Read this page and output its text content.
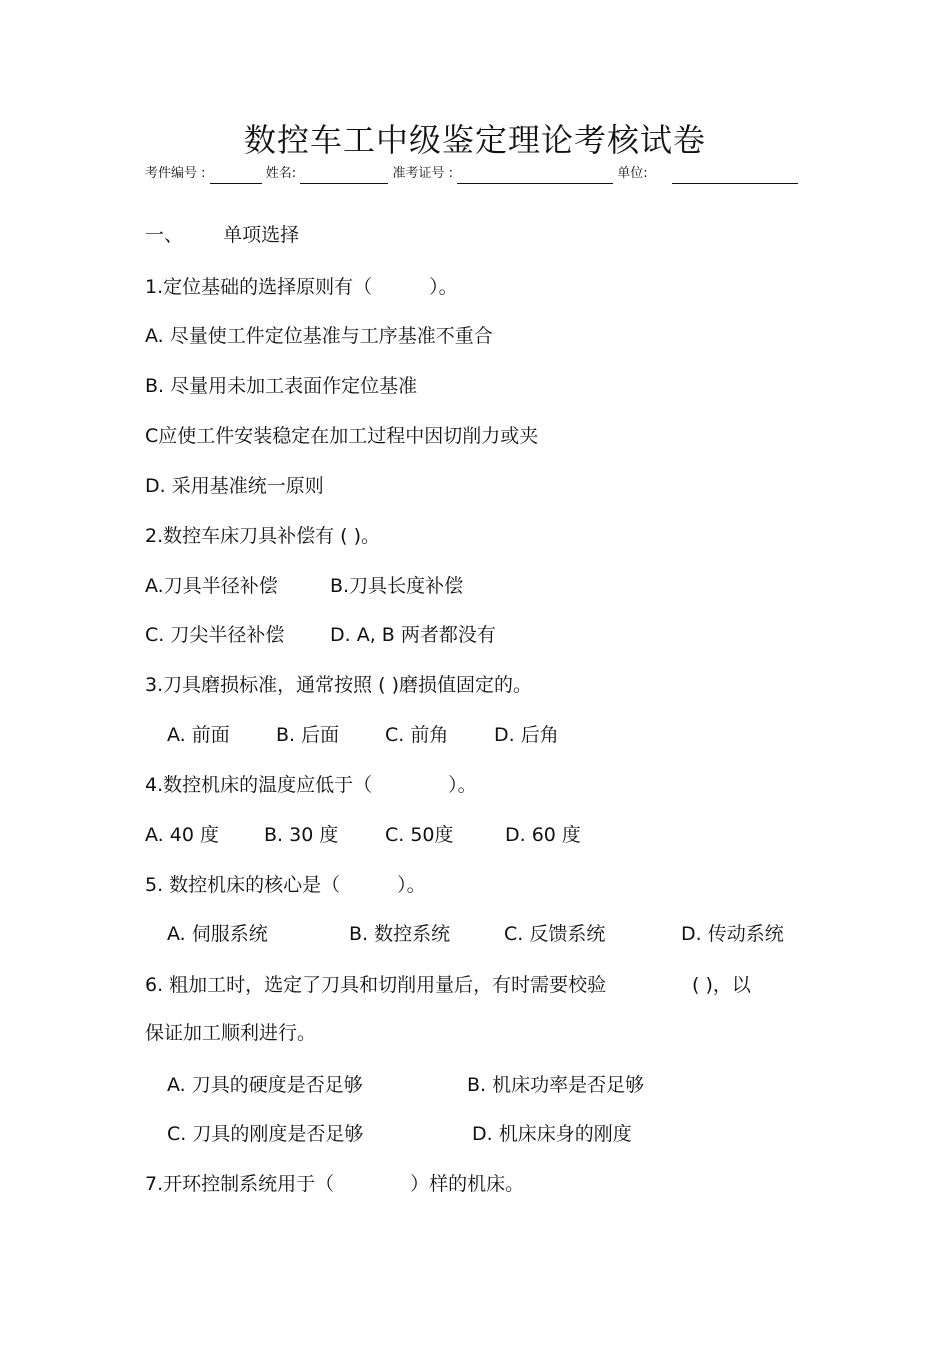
数控车工中级鉴定理论考核试卷
考件编号 :	姓名:	准考证号 :	单位:
一、 单项选择
1.定位基础的选择原则有（　　　）。
A. 尽量使工件定位基准与工序基准不重合
B. 尽量用未加工表面作定位基准
C应使工件安装稳定在加工过程中因切削力或夹
D. 采用基准统一原则
2.数控车床刀具补偿有 ( )。
A.刀具半径补偿	B.刀具长度补偿
C. 刀尖半径补偿 D. A, B 两者都没有
3.刀具磨损标准，通常按照 ( )磨损值固定的。
A. 前面 B. 后面 C. 前角 D. 后角
4.数控机床的温度应低于（　　　　）。
A. 40 度 B. 30 度 C. 50度	D. 60 度
5. 数控机床的核心是（　　　）。
A. 伺服系统	B. 数控系统	C. 反馈系统	D. 传动系统
6. 粗加工时，选定了刀具和切削用量后，有时需要校验	( )，以
保证加工顺利进行。
A. 刀具的硬度是否足够	B. 机床功率是否足够
C. 刀具的刚度是否足够	D. 机床床身的刚度
7.开环控制系统用于（　　　　）样的机床。
